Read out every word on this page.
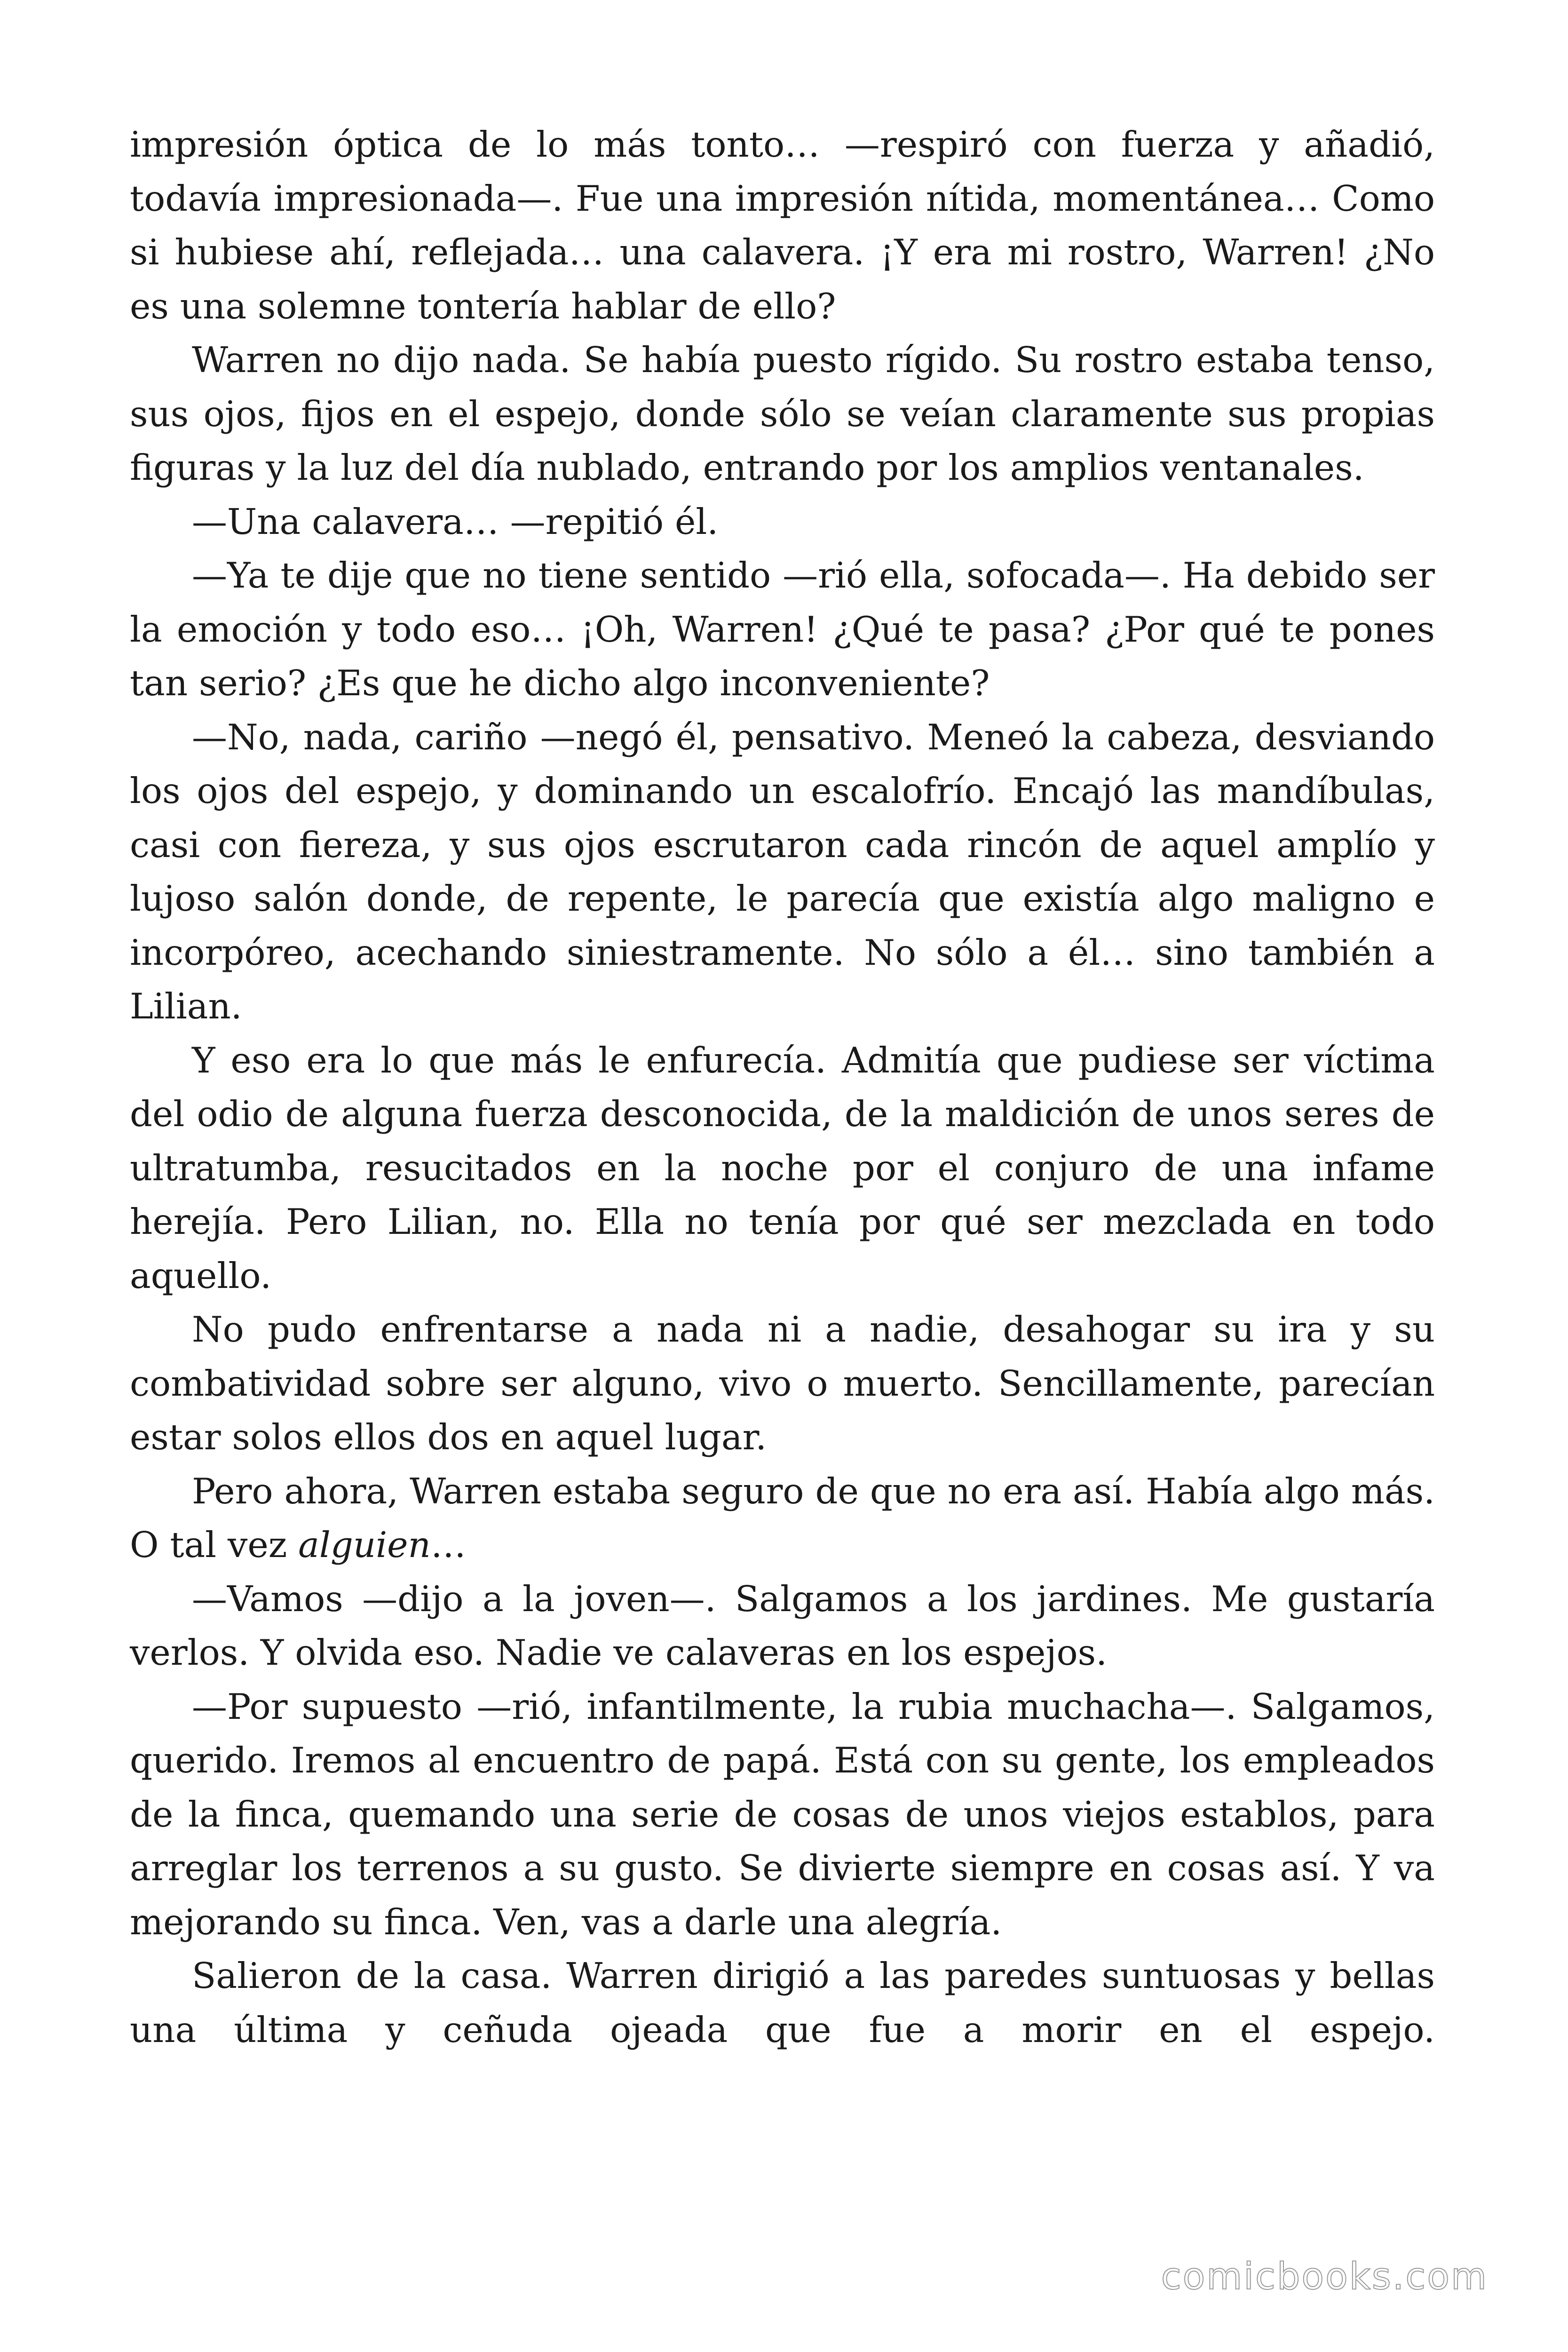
impresión óptica de lo más tonto… —respiró con fuerza y añadió, todavía impresionada—. Fue una impresión nítida, momentánea… Como si hubiese ahí, reflejada… una calavera. ¡Y era mi rostro, Warren! ¿No es una solemne tontería hablar de ello?

Warren no dijo nada. Se había puesto rígido. Su rostro estaba tenso, sus ojos, fijos en el espejo, donde sólo se veían claramente sus propias figuras y la luz del día nublado, entrando por los amplios ventanales.

—Una calavera… —repitió él.

—Ya te dije que no tiene sentido —rió ella, sofocada—. Ha debido ser la emoción y todo eso… ¡Oh, Warren! ¿Qué te pasa? ¿Por qué te pones tan serio? ¿Es que he dicho algo inconveniente?

—No, nada, cariño —negó él, pensativo. Meneó la cabeza, desviando los ojos del espejo, y dominando un escalofrío. Encajó las mandíbulas, casi con fiereza, y sus ojos escrutaron cada rincón de aquel amplío y lujoso salón donde, de repente, le parecía que existía algo maligno e incorpóreo, acechando siniestramente. No sólo a él… sino también a Lilian.

Y eso era lo que más le enfurecía. Admitía que pudiese ser víctima del odio de alguna fuerza desconocida, de la maldición de unos seres de ultratumba, resucitados en la noche por el conjuro de una infame herejía. Pero Lilian, no. Ella no tenía por qué ser mezclada en todo aquello.

No pudo enfrentarse a nada ni a nadie, desahogar su ira y su combatividad sobre ser alguno, vivo o muerto. Sencillamente, parecían estar solos ellos dos en aquel lugar.

Pero ahora, Warren estaba seguro de que no era así. Había algo más. O tal vez alguien…

—Vamos —dijo a la joven—. Salgamos a los jardines. Me gustaría verlos. Y olvida eso. Nadie ve calaveras en los espejos.

—Por supuesto —rió, infantilmente, la rubia muchacha—. Salgamos, querido. Iremos al encuentro de papá. Está con su gente, los empleados de la finca, quemando una serie de cosas de unos viejos establos, para arreglar los terrenos a su gusto. Se divierte siempre en cosas así. Y va mejorando su finca. Ven, vas a darle una alegría.

Salieron de la casa. Warren dirigió a las paredes suntuosas y bellas una última y ceñuda ojeada que fue a morir en el espejo.

comicbooks.com
